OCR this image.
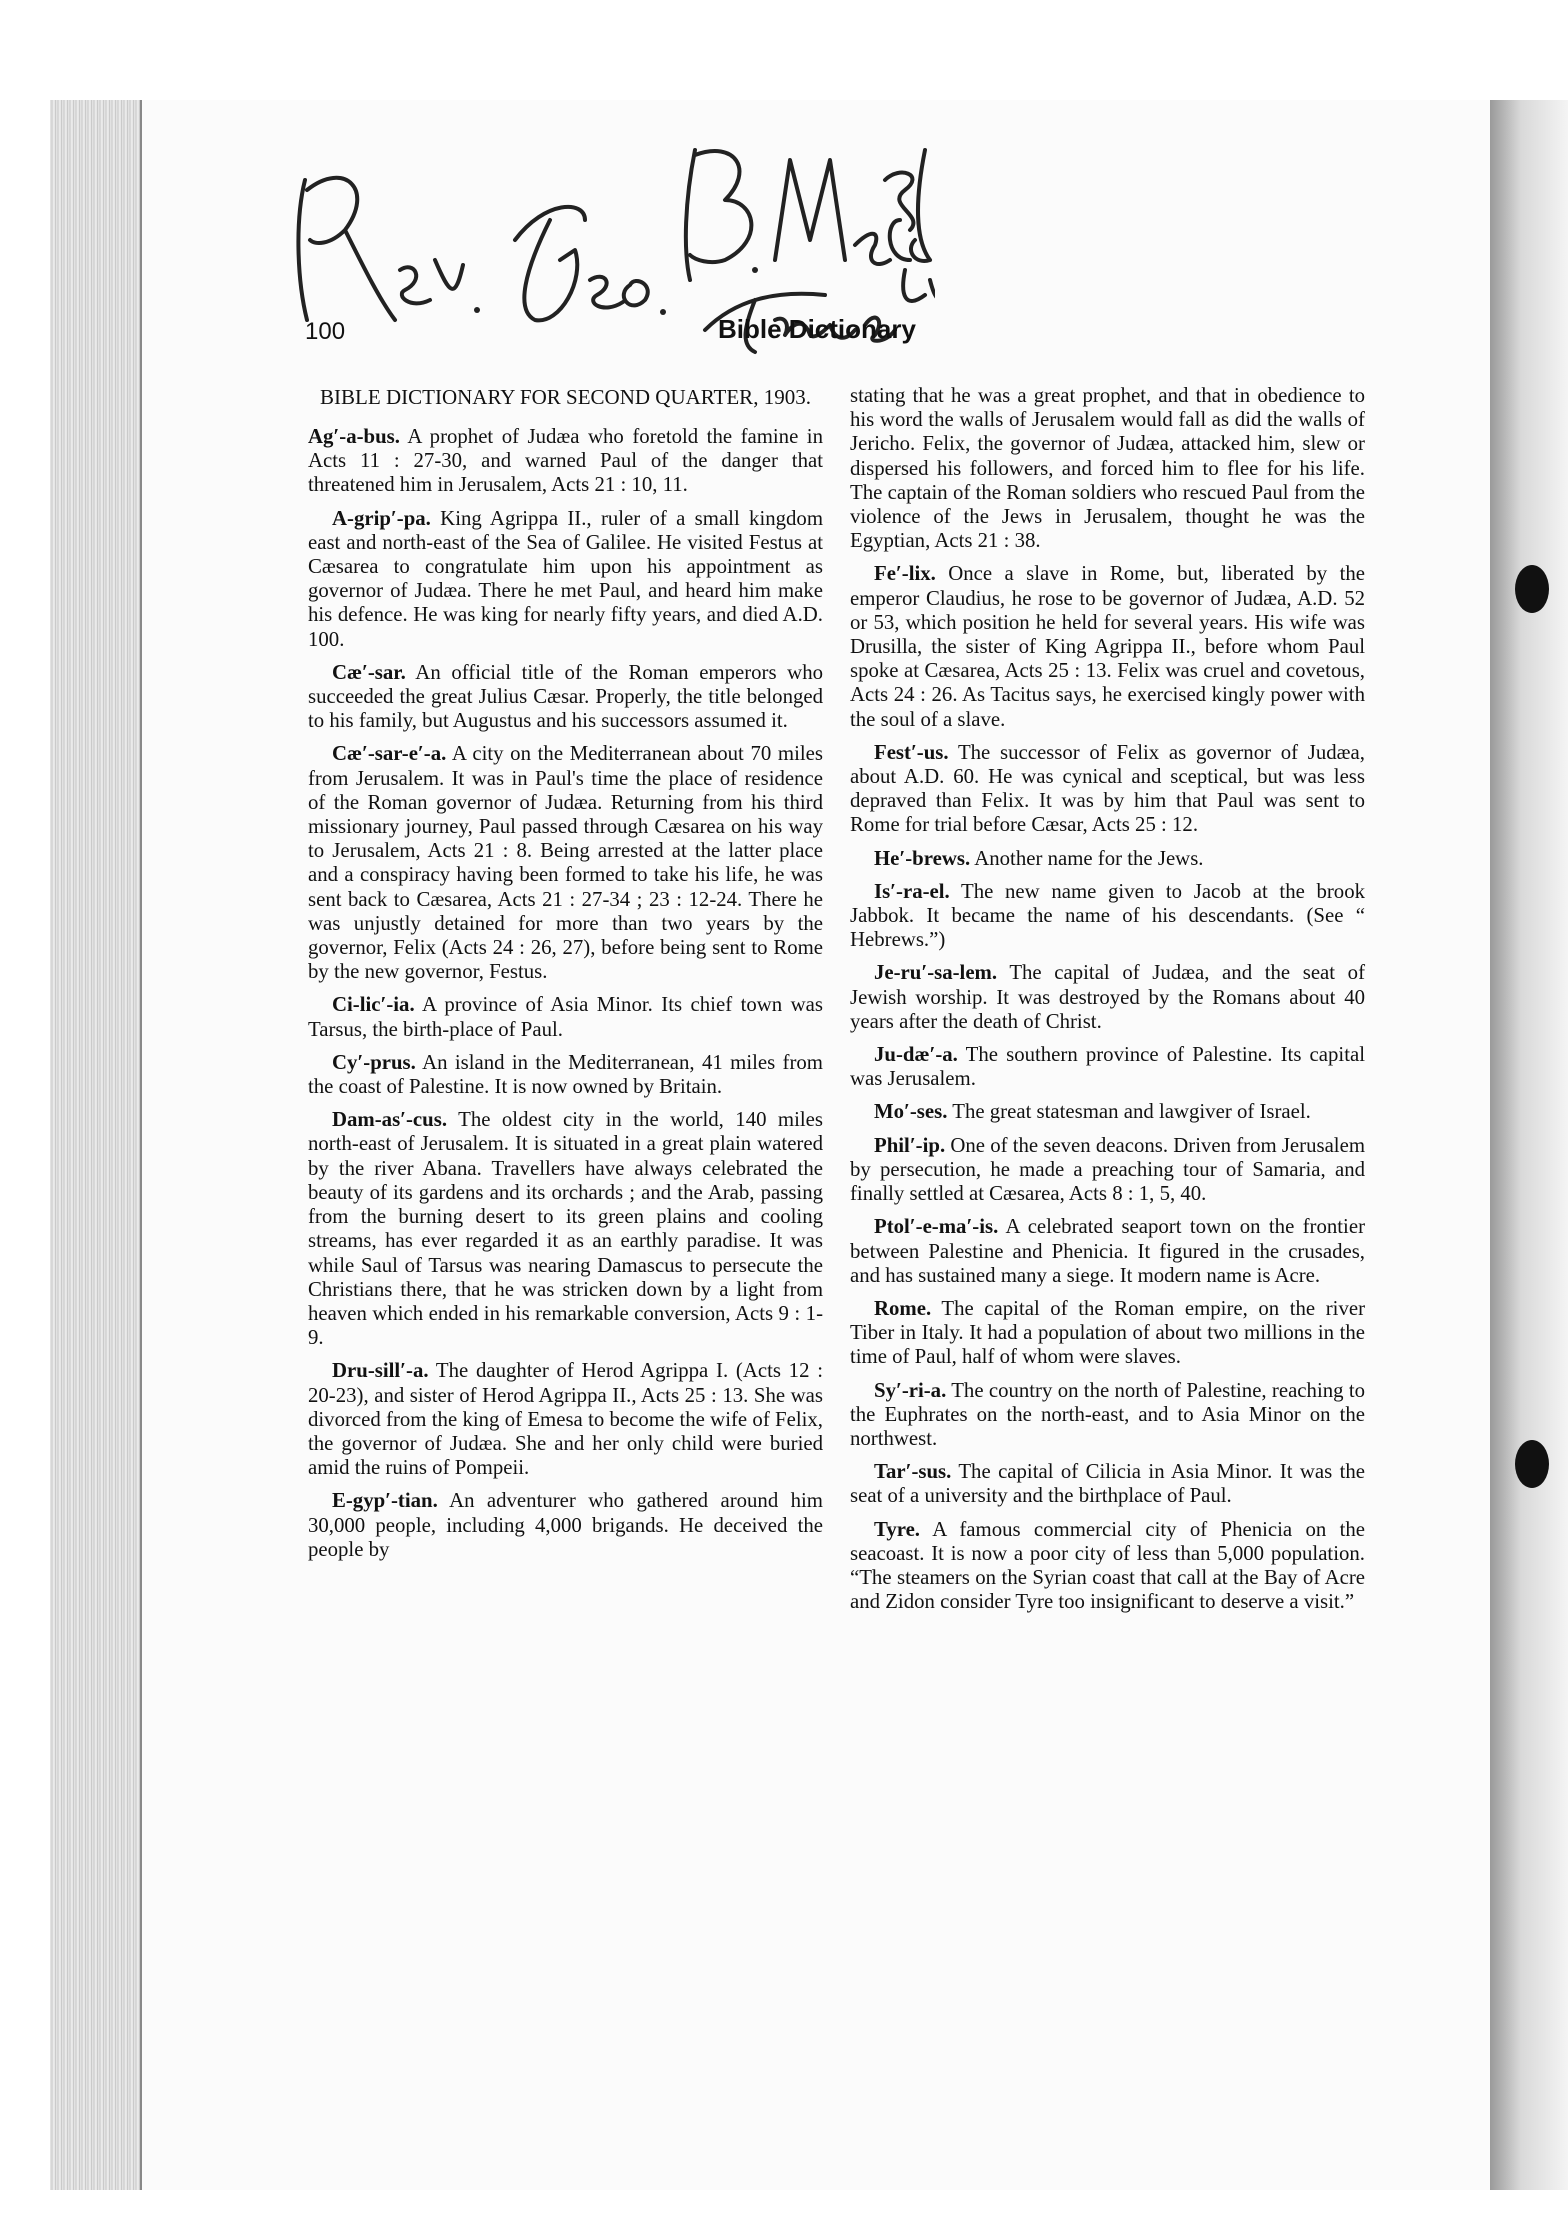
100	Bible Dictionary
BIBLE DICTIONARY FOR SECOND QUARTER, 1903.

Ag′-a-bus. A prophet of Judæa who foretold the famine in Acts 11 : 27-30, and warned Paul of the danger that threatened him in Jerusalem, Acts 21 : 10, 11.

A-grip′-pa. King Agrippa II., ruler of a small kingdom east and north-east of the Sea of Galilee. He visited Festus at Cæsarea to congratulate him upon his appointment as governor of Judæa. There he met Paul, and heard him make his defence. He was king for nearly fifty years, and died A.D. 100.

Cæ′-sar. An official title of the Roman emperors who succeeded the great Julius Cæsar. Properly, the title belonged to his family, but Augustus and his successors assumed it.

Cæ′-sar-e′-a. A city on the Mediterranean about 70 miles from Jerusalem. It was in Paul's time the place of residence of the Roman governor of Judæa. Returning from his third missionary journey, Paul passed through Cæsarea on his way to Jerusalem, Acts 21 : 8. Being arrested at the latter place and a conspiracy having been formed to take his life, he was sent back to Cæsarea, Acts 21 : 27-34 ; 23 : 12-24. There he was unjustly detained for more than two years by the governor, Felix (Acts 24 : 26, 27), before being sent to Rome by the new governor, Festus.

Ci-lic′-ia. A province of Asia Minor. Its chief town was Tarsus, the birth-place of Paul.

Cy′-prus. An island in the Mediterranean, 41 miles from the coast of Palestine. It is now owned by Britain.

Dam-as′-cus. The oldest city in the world, 140 miles north-east of Jerusalem. It is situated in a great plain watered by the river Abana. Travellers have always celebrated the beauty of its gardens and its orchards ; and the Arab, passing from the burning desert to its green plains and cooling streams, has ever regarded it as an earthly paradise. It was while Saul of Tarsus was nearing Damascus to persecute the Christians there, that he was stricken down by a light from heaven which ended in his remarkable conversion, Acts 9 : 1-9.

Dru-sill′-a. The daughter of Herod Agrippa I. (Acts 12 : 20-23), and sister of Herod Agrippa II., Acts 25 : 13. She was divorced from the king of Emesa to become the wife of Felix, the governor of Judæa. She and her only child were buried amid the ruins of Pompeii.

E-gyp′-tian. An adventurer who gathered around him 30,000 people, including 4,000 brigands. He deceived the people by

stating that he was a great prophet, and that in obedience to his word the walls of Jerusalem would fall as did the walls of Jericho. Felix, the governor of Judæa, attacked him, slew or dispersed his followers, and forced him to flee for his life. The captain of the Roman soldiers who rescued Paul from the violence of the Jews in Jerusalem, thought he was the Egyptian, Acts 21 : 38.

Fe′-lix. Once a slave in Rome, but, liberated by the emperor Claudius, he rose to be governor of Judæa, A.D. 52 or 53, which position he held for several years. His wife was Drusilla, the sister of King Agrippa II., before whom Paul spoke at Cæsarea, Acts 25 : 13. Felix was cruel and covetous, Acts 24 : 26. As Tacitus says, he exercised kingly power with the soul of a slave.

Fest′-us. The successor of Felix as governor of Judæa, about A.D. 60. He was cynical and sceptical, but was less depraved than Felix. It was by him that Paul was sent to Rome for trial before Cæsar, Acts 25 : 12.

He′-brews. Another name for the Jews.

Is′-ra-el. The new name given to Jacob at the brook Jabbok. It became the name of his descendants. (See “ Hebrews.”)

Je-ru′-sa-lem. The capital of Judæa, and the seat of Jewish worship. It was destroyed by the Romans about 40 years after the death of Christ.

Ju-dæ′-a. The southern province of Palestine. Its capital was Jerusalem.

Mo′-ses. The great statesman and lawgiver of Israel.

Phil′-ip. One of the seven deacons. Driven from Jerusalem by persecution, he made a preaching tour of Samaria, and finally settled at Cæsarea, Acts 8 : 1, 5, 40.

Ptol′-e-ma′-is. A celebrated seaport town on the frontier between Palestine and Phenicia. It figured in the crusades, and has sustained many a siege. It modern name is Acre.

Rome. The capital of the Roman empire, on the river Tiber in Italy. It had a population of about two millions in the time of Paul, half of whom were slaves.

Sy′-ri-a. The country on the north of Palestine, reaching to the Euphrates on the north-east, and to Asia Minor on the northwest.

Tar′-sus. The capital of Cilicia in Asia Minor. It was the seat of a university and the birthplace of Paul.

Tyre. A famous commercial city of Phenicia on the seacoast. It is now a poor city of less than 5,000 population. “The steamers on the Syrian coast that call at the Bay of Acre and Zidon consider Tyre too insignificant to deserve a visit.”
